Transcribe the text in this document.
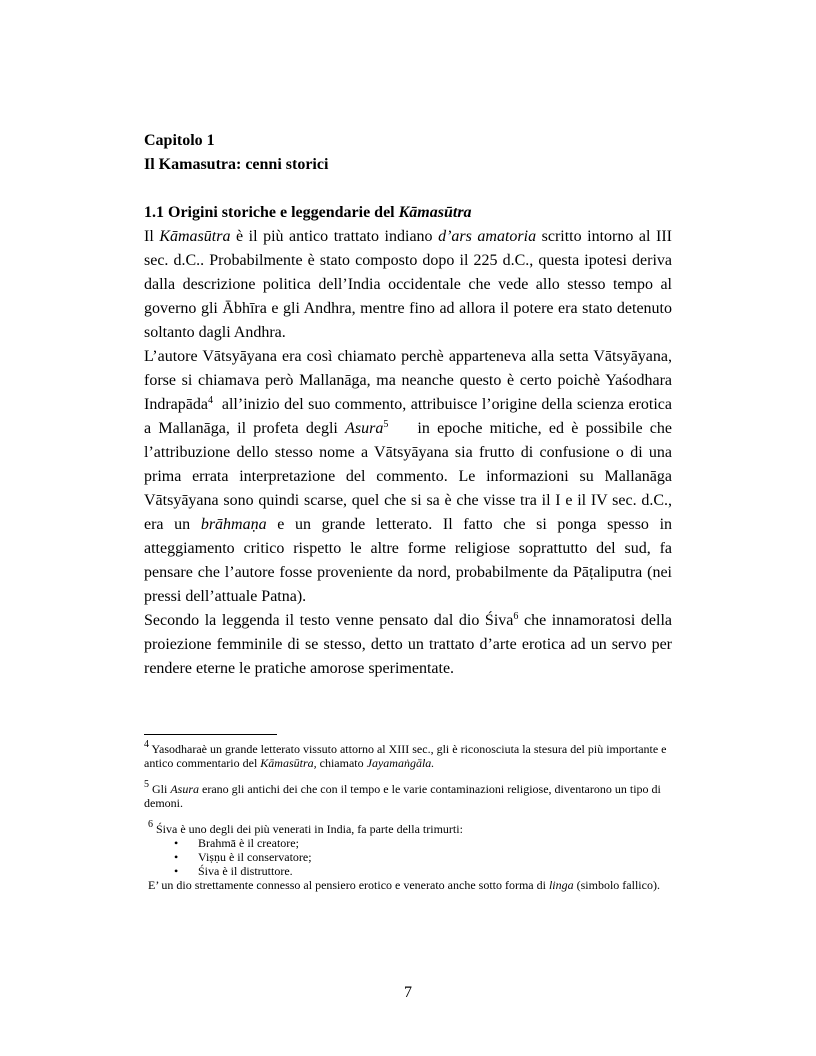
Capitolo 1

Il Kamasutra: cenni storici

1.1 Origini storiche e leggendarie del Kāmasūtra

Il Kāmasūtra è il più antico trattato indiano d’ars amatoria scritto intorno al III sec. d.C.. Probabilmente è stato composto dopo il 225 d.C., questa ipotesi deriva dalla descrizione politica dell’India occidentale che vede allo stesso tempo al governo gli Ābhīra e gli Andhra, mentre fino ad allora il potere era stato detenuto soltanto dagli Andhra.

L’autore Vātsyāyana era così chiamato perchè apparteneva alla setta Vātsyāyana, forse si chiamava però Mallanāga, ma neanche questo è certo poichè Yaśodhara Indrapāda$^4$  all’inizio del suo commento, attribuisce l’origine della scienza erotica a Mallanāga, il profeta degli Asura$^5$    in epoche mitiche, ed è possibile che l’attribuzione dello stesso nome a Vātsyāyana sia frutto di confusione o di una prima errata interpretazione del commento. Le informazioni su Mallanāga Vātsyāyana sono quindi scarse, quel che si sa è che visse tra il I e il IV sec. d.C., era un brāhmaṇa e un grande letterato. Il fatto che si ponga spesso in atteggiamento critico rispetto le altre forme religiose soprattutto del sud, fa pensare che l’autore fosse proveniente da nord, probabilmente da Pāṭaliputra (nei pressi dell’attuale Patna).

Secondo la leggenda il testo venne pensato dal dio Śiva$^6$ che innamoratosi della proiezione femminile di se stesso, detto un trattato d’arte erotica ad un servo per rendere eterne le pratiche amorose sperimentate.

$^4$ Yasodharaè un grande letterato vissuto attorno al XIII sec., gli è riconosciuta la stesura del più importante e antico commentario del Kāmasūtra, chiamato Jayamaṅgāla.

$^5$ Gli Asura erano gli antichi dei che con il tempo e le varie contaminazioni religiose, diventarono un tipo di demoni.

$^6$ Śiva è uno degli dei più venerati in India, fa parte della trimurti:
• Brahmā è il creatore;
• Viṣṇu è il conservatore;
• Śiva è il distruttore.
E’ un dio strettamente connesso al pensiero erotico e venerato anche sotto forma di linga (simbolo fallico).
7
